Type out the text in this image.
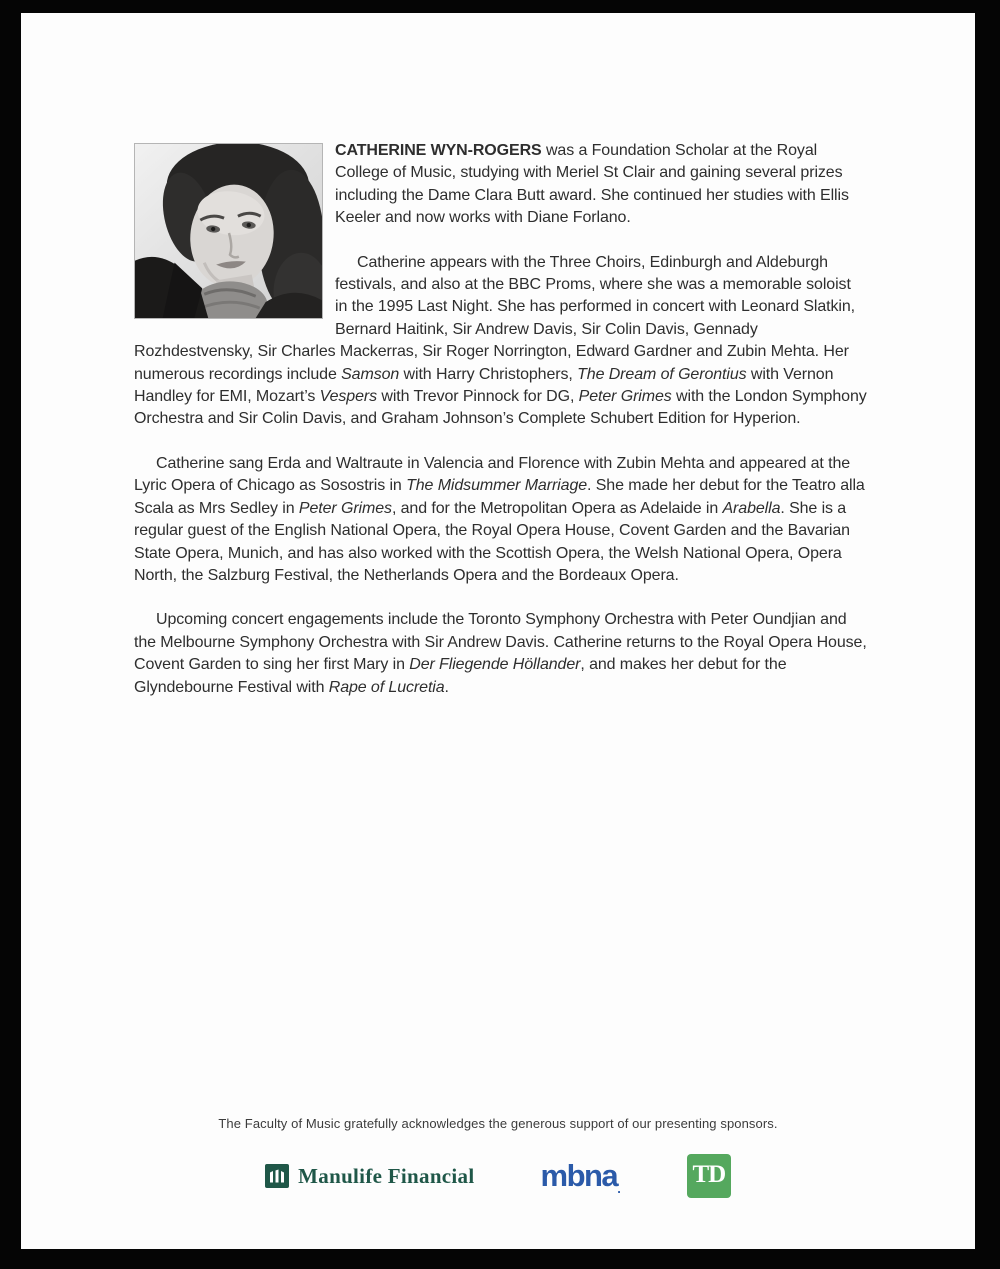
CATHERINE WYN-ROGERS was a Foundation Scholar at the Royal College of Music, studying with Meriel St Clair and gaining several prizes including the Dame Clara Butt award. She continued her studies with Ellis Keeler and now works with Diane Forlano.

Catherine appears with the Three Choirs, Edinburgh and Aldeburgh festivals, and also at the BBC Proms, where she was a memorable soloist in the 1995 Last Night. She has performed in concert with Leonard Slatkin, Bernard Haitink, Sir Andrew Davis, Sir Colin Davis, Gennady Rozhdestvensky, Sir Charles Mackerras, Sir Roger Norrington, Edward Gardner and Zubin Mehta. Her numerous recordings include Samson with Harry Christophers, The Dream of Gerontius with Vernon Handley for EMI, Mozart’s Vespers with Trevor Pinnock for DG, Peter Grimes with the London Symphony Orchestra and Sir Colin Davis, and Graham Johnson’s Complete Schubert Edition for Hyperion.

Catherine sang Erda and Waltraute in Valencia and Florence with Zubin Mehta and appeared at the Lyric Opera of Chicago as Sosostris in The Midsummer Marriage. She made her debut for the Teatro alla Scala as Mrs Sedley in Peter Grimes, and for the Metropolitan Opera as Adelaide in Arabella. She is a regular guest of the English National Opera, the Royal Opera House, Covent Garden and the Bavarian State Opera, Munich, and has also worked with the Scottish Opera, the Welsh National Opera, Opera North, the Salzburg Festival, the Netherlands Opera and the Bordeaux Opera.

Upcoming concert engagements include the Toronto Symphony Orchestra with Peter Oundjian and the Melbourne Symphony Orchestra with Sir Andrew Davis. Catherine returns to the Royal Opera House, Covent Garden to sing her first Mary in Der Fliegende Höllander, and makes her debut for the Glyndebourne Festival with Rape of Lucretia.

The Faculty of Music gratefully acknowledges the generous support of our presenting sponsors.
Manulife Financial mbna .
TD
